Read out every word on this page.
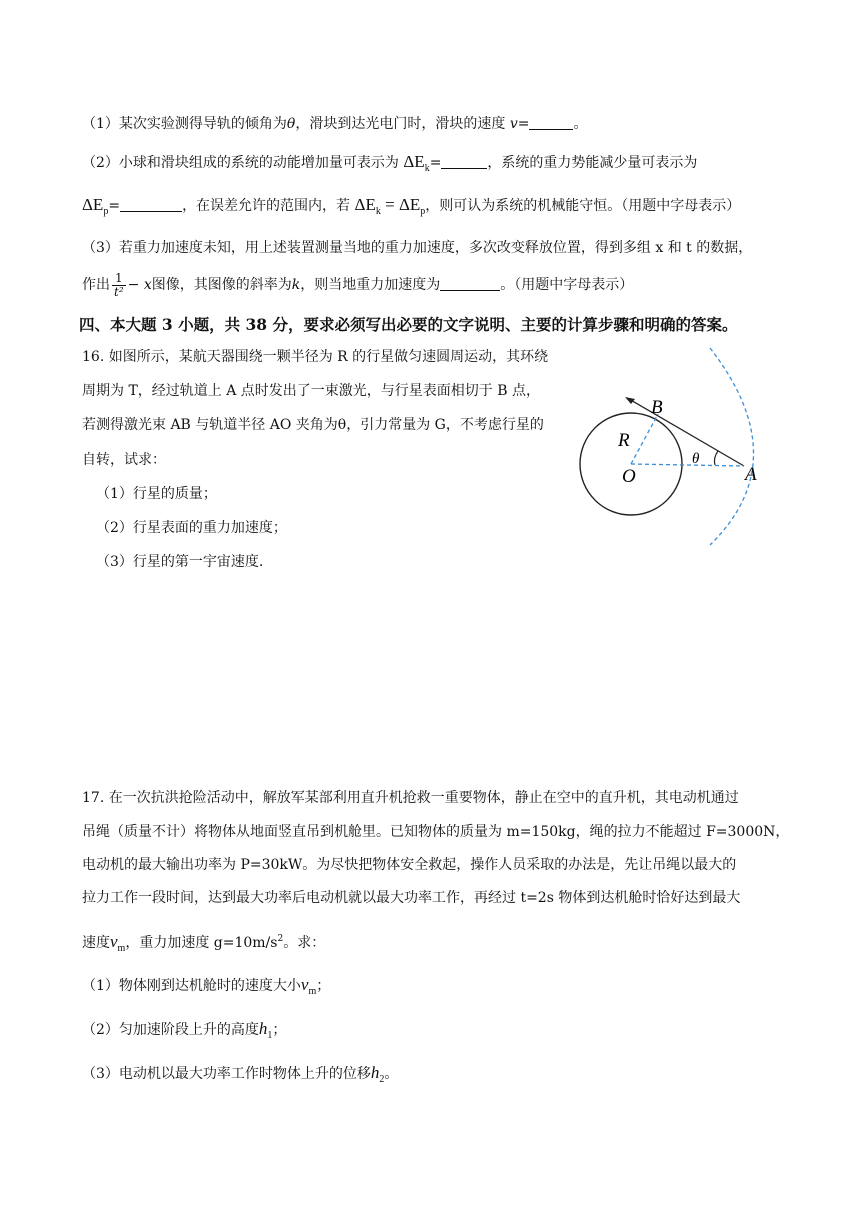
（1）某次实验测得导轨的倾角为θ，滑块到达光电门时，滑块的速度 v=	。
（2）小球和滑块组成的系统的动能增加量可表示为 $\Delta E_k=$	，系统的重力势能减少量可表示为
$\Delta E_p=$	，在误差允许的范围内，若 $\Delta E_k = \Delta E_p$，则可认为系统的机械能守恒。（用题中字母表示）
（3）若重力加速度未知，用上述装置测量当地的重力加速度，多次改变释放位置，得到多组 x 和 t 的数据，
作出 $\frac{1}{\text{t²}} - x$图像，其图像的斜率为k，则当地重力加速度为	。（用题中字母表示）
四、本大题 3 小题，共 38 分，要求必须写出必要的文字说明、主要的计算步骤和明确的答案。
16. 如图所示，某航天器围绕一颗半径为 R 的行星做匀速圆周运动，其环绕
周期为 T，经过轨道上 A 点时发出了一束激光，与行星表面相切于 B 点，
若测得激光束 AB 与轨道半径 AO 夹角为θ，引力常量为 G，不考虑行星的
自转，试求：
（1）行星的质量；
（2）行星表面的重力加速度；
（3）行星的第一宇宙速度.
B
R
O
θ
A
17. 在一次抗洪抢险活动中，解放军某部利用直升机抢救一重要物体，静止在空中的直升机，其电动机通过
吊绳（质量不计）将物体从地面竖直吊到机舱里。已知物体的质量为 m=150kg，绳的拉力不能超过 F=3000N，
电动机的最大输出功率为 P=30kW。为尽快把物体安全救起，操作人员采取的办法是，先让吊绳以最大的
拉力工作一段时间，达到最大功率后电动机就以最大功率工作，再经过 t=2s 物体到达机舱时恰好达到最大
速度$v_m$，重力加速度 $g=10m/s^2$。求：
（1）物体刚到达机舱时的速度大小$v_m$；
（2）匀加速阶段上升的高度$h_1$；
（3）电动机以最大功率工作时物体上升的位移$h_2$。
